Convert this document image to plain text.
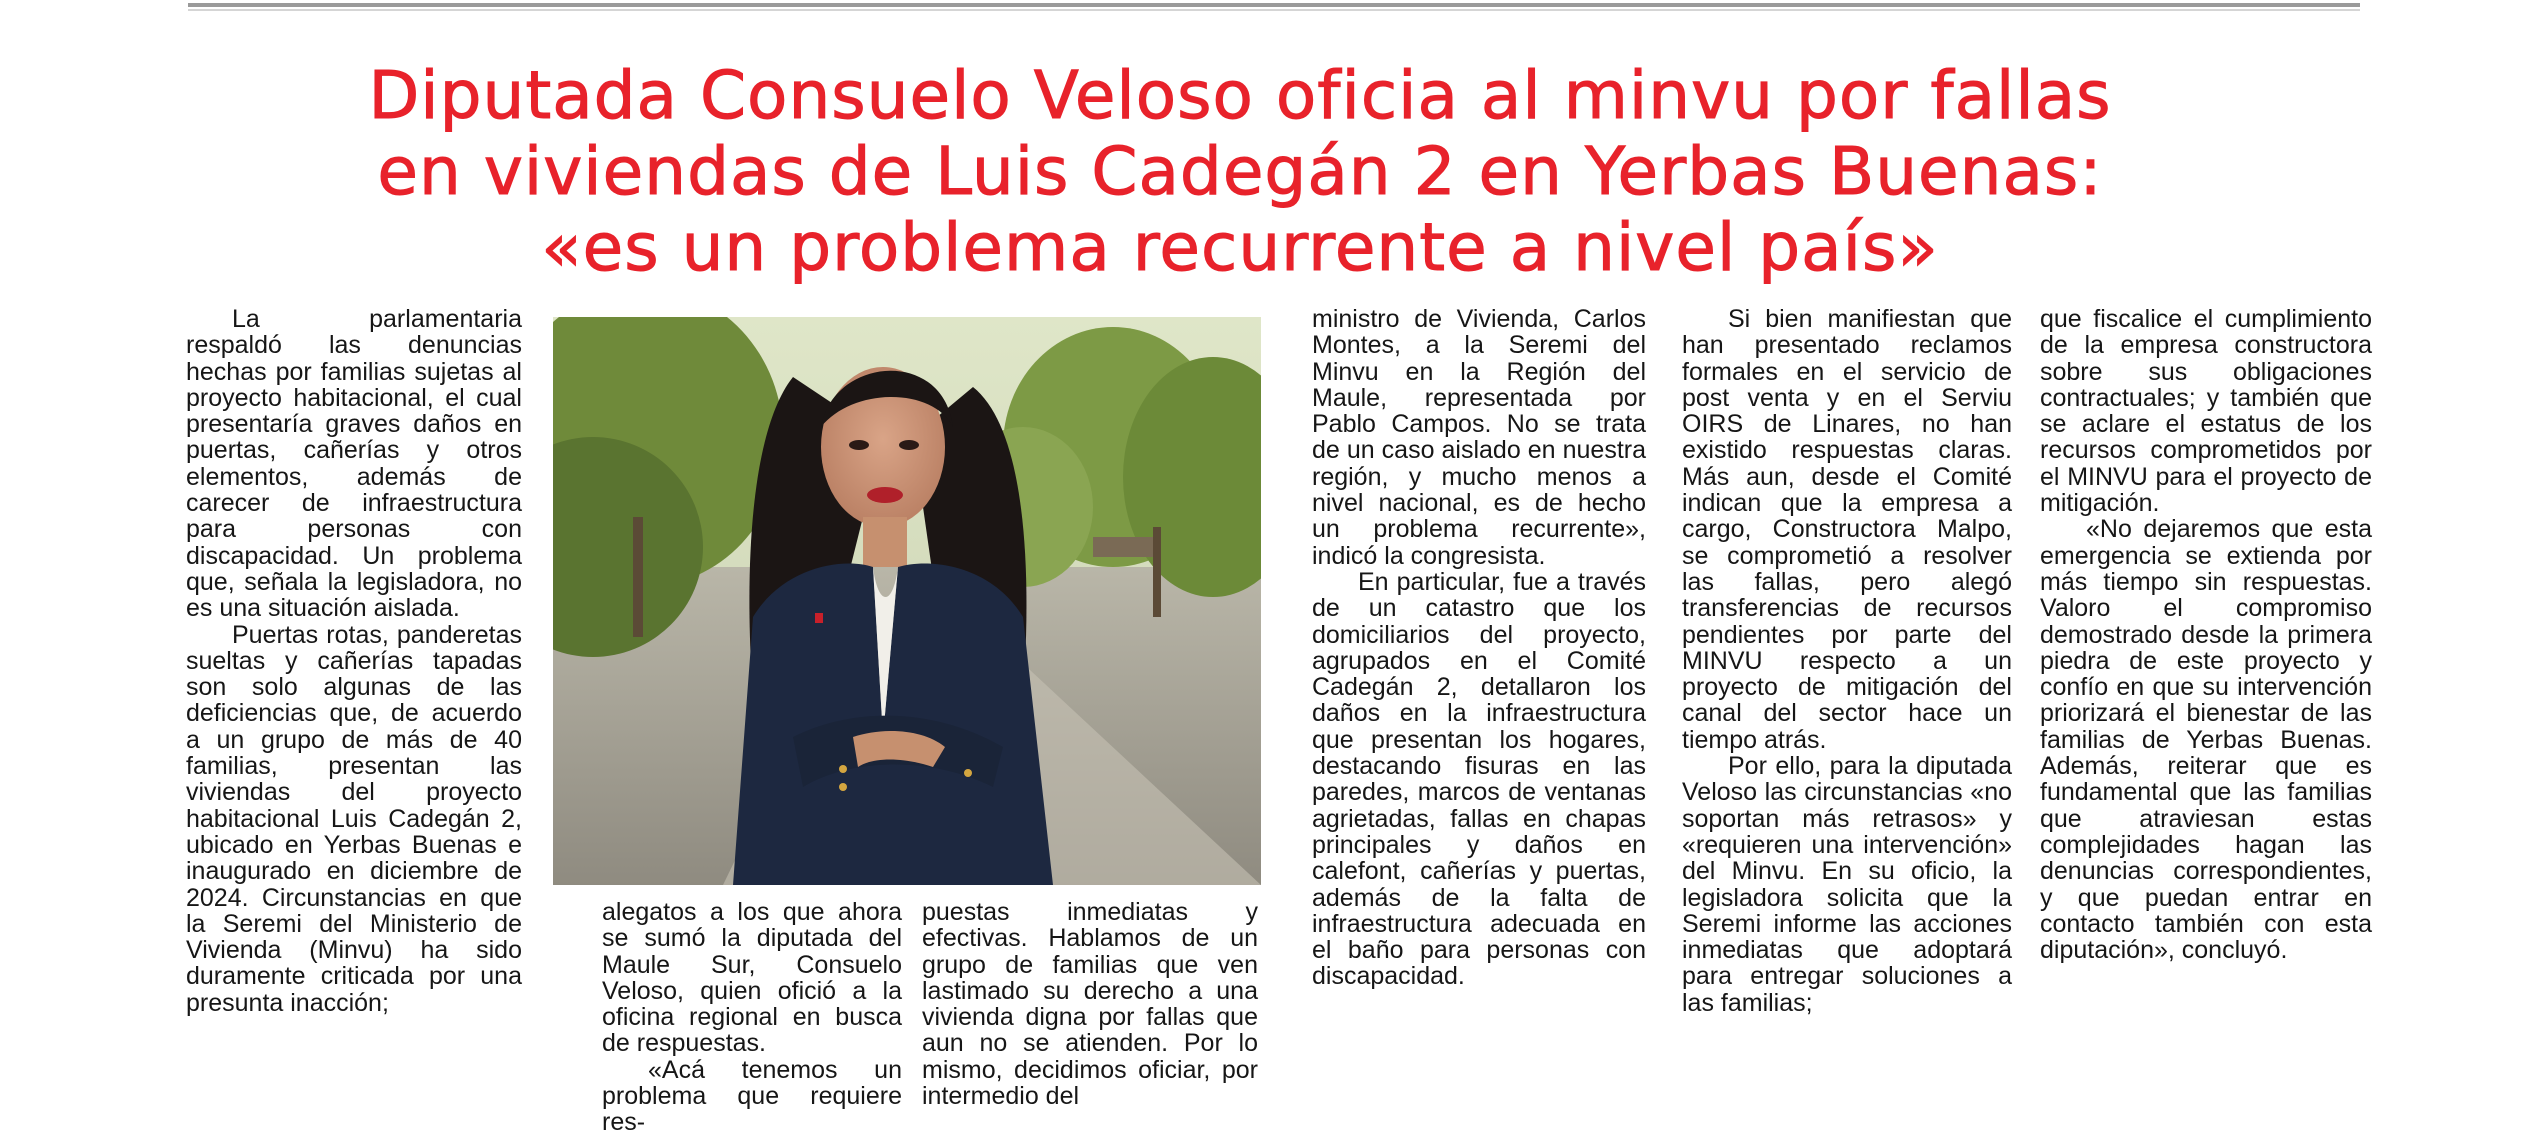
Diputada Consuelo Veloso oficia al minvu por fallas
en viviendas de Luis Cadegán 2 en Yerbas Buenas:
«es un problema recurrente a nivel país»

La parlamentaria respaldó las denuncias hechas por familias sujetas al proyecto habitacional, el cual presentaría graves daños en puertas, cañerías y otros elementos, además de carecer de infraestructura para personas con discapacidad. Un problema que, señala la legisladora, no es una situación aislada.

Puertas rotas, panderetas sueltas y cañerías tapadas son solo algunas de las deficiencias que, de acuerdo a un grupo de más de 40 familias, presentan las viviendas del proyecto habitacional Luis Cadegán 2, ubicado en Yerbas Buenas e inaugurado en diciembre de 2024. Circunstancias en que la Seremi del Ministerio de Vivienda (Minvu) ha sido duramente criticada por una presunta inacción;

alegatos a los que ahora se sumó la diputada del Maule Sur, Consuelo Veloso, quien ofició a la oficina regional en busca de respuestas.

«Acá tenemos un problema que requiere res-

puestas inmediatas y efectivas. Hablamos de un grupo de familias que ven lastimado su derecho a una vivienda digna por fallas que aun no se atienden. Por lo mismo, decidimos oficiar, por intermedio del

ministro de Vivienda, Carlos Montes, a la Seremi del Minvu en la Región del Maule, representada por Pablo Campos. No se trata de un caso aislado en nuestra región, y mucho menos a nivel nacional, es de hecho un problema recurrente», indicó la congresista.

En particular, fue a través de un catastro que los domiciliarios del proyecto, agrupados en el Comité Cadegán 2, detallaron los daños en la infraestructura que presentan los hogares, destacando fisuras en las paredes, marcos de ventanas agrietadas, fallas en chapas principales y daños en calefont, cañerías y puertas, además de la falta de infraestructura adecuada en el baño para personas con discapacidad.

Si bien manifiestan que han presentado reclamos formales en el servicio de post venta y en el Serviu OIRS de Linares, no han existido respuestas claras. Más aun, desde el Comité indican que la empresa a cargo, Constructora Malpo, se comprometió a resolver las fallas, pero alegó transferencias de recursos pendientes por parte del MINVU respecto a un proyecto de mitigación del canal del sector hace un tiempo atrás.

Por ello, para la diputada Veloso las circunstancias «no soportan más retrasos» y «requieren una intervención» del Minvu. En su oficio, la legisladora solicita que la Seremi informe las acciones inmediatas que adoptará para entregar soluciones a las familias;

que fiscalice el cumplimiento de la empresa constructora sobre sus obligaciones contractuales; y también que se aclare el estatus de los recursos comprometidos por el MINVU para el proyecto de mitigación.

«No dejaremos que esta emergencia se extienda por más tiempo sin respuestas. Valoro el compromiso demostrado desde la primera piedra de este proyecto y confío en que su intervención priorizará el bienestar de las familias de Yerbas Buenas. Además, reiterar que es fundamental que las familias que atraviesan estas complejidades hagan las denuncias correspondientes, y que puedan entrar en contacto también con esta diputación», concluyó.
